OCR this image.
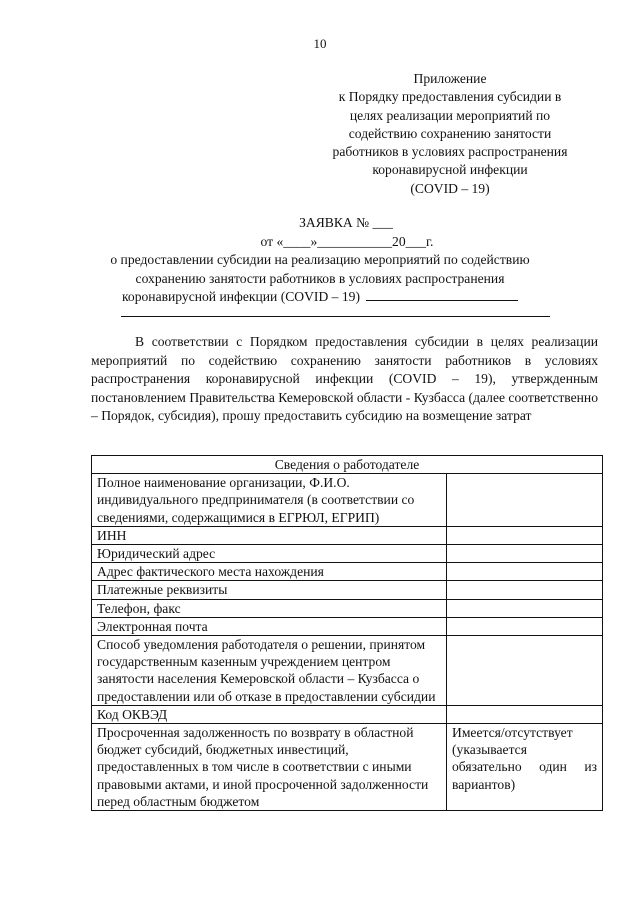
10
Приложение
к Порядку предоставления субсидии в
целях реализации мероприятий по
содействию сохранению занятости
работников в условиях распространения
коронавирусной инфекции
(COVID – 19)
ЗАЯВКА № ___
от «____»___________20___г.
о предоставлении субсидии на реализацию мероприятий по содействию
сохранению занятости работников в условиях распространения
коронавирусной инфекции (COVID – 19)

В соответствии с Порядком предоставления субсидии в целях реализации мероприятий по содействию сохранению занятости работников в условиях распространения коронавирусной инфекции (COVID – 19), утвержденным постановлением Правительства Кемеровской области - Кузбасса (далее соответственно – Порядок, субсидия), прошу предоставить субсидию на возмещение затрат

Сведения о работодателе	
Полное наименование организации, Ф.И.О. индивидуального предпринимателя (в соответствии со сведениями, содержащимися в ЕГРЮЛ, ЕГРИП)	
ИНН	
Юридический адрес	
Адрес фактического места нахождения	
Платежные реквизиты	
Телефон, факс	
Электронная почта	
Способ уведомления работодателя о решении, принятом государственным казенным учреждением центром занятости населения Кемеровской области – Кузбасса о предоставлении или об отказе в предоставлении субсидии	
Код ОКВЭД	
Просроченная задолженность по возврату в областной бюджет субсидий, бюджетных инвестиций, предоставленных в том числе в соответствии с иными правовыми актами, и иной просроченной задолженности перед областным бюджетом	Имеется/отсутствует (указывается обязательно один из вариантов)
